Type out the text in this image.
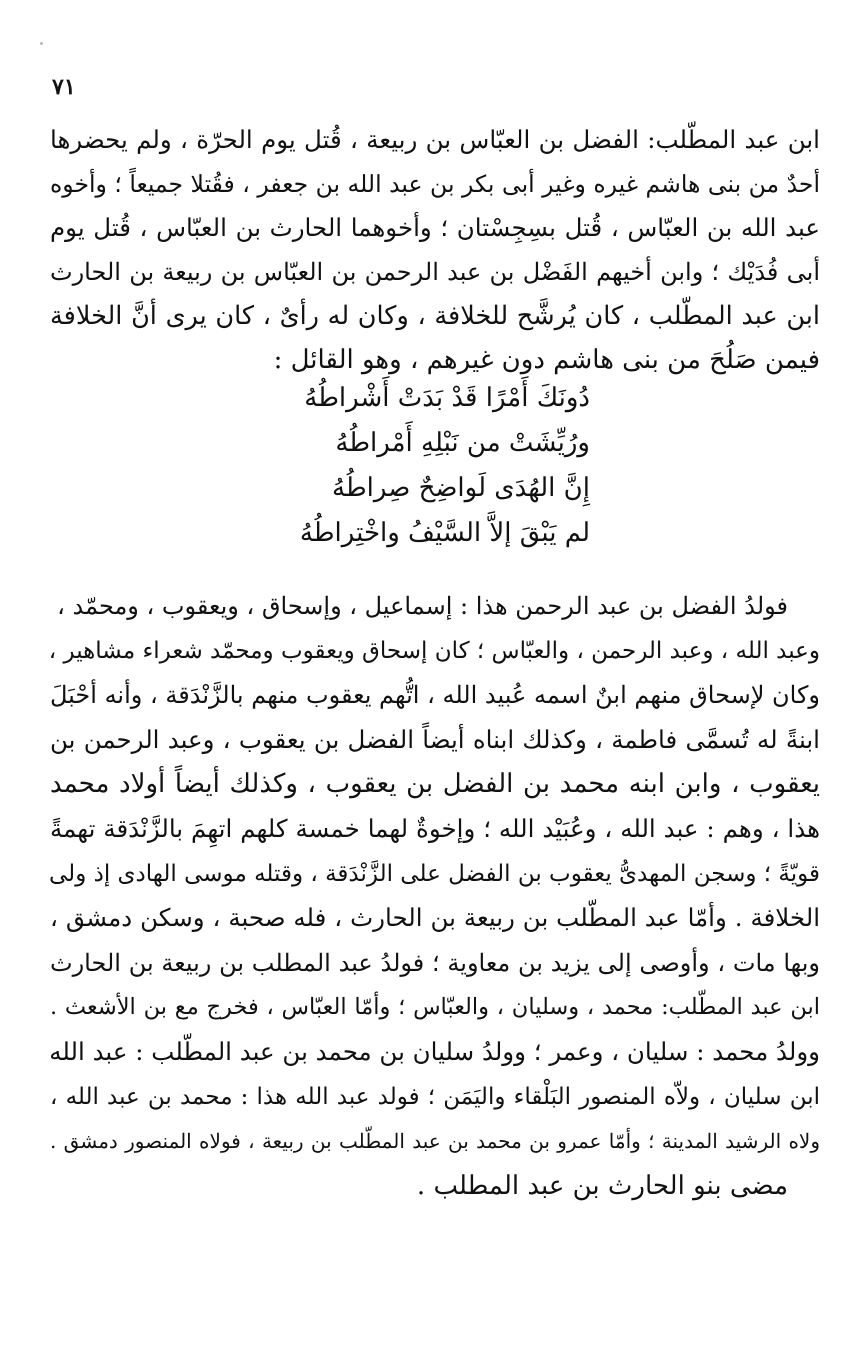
٧١
ابن عبد المطّلب: الفضل بن العبّاس بن ربيعة ، قُتل يوم الحرّة ، ولم يحضرها
أحدٌ من بنى هاشم غيره وغير أبى بكر بن عبد الله بن جعفر ، فقُتلا جميعاً ؛ وأخوه
عبد الله بن العبّاس ، قُتل بسِجِسْتان ؛ وأخوهما الحارث بن العبّاس ، قُتل يوم
أبى فُدَيْك ؛ وابن أخيهم الفَضْل بن عبد الرحمن بن العبّاس بن ربيعة بن الحارث
ابن عبد المطّلب ، كان يُرشَّح للخلافة ، وكان له رأىٌ ، كان يرى أنَّ الخلافة
فيمن صَلُحَ من بنى هاشم دون غيرهم ، وهو القائل :
دُونَكَ أَمْرًا قَدْ بَدَتْ أَشْراطُهُ
ورُيِّشَتْ من نَبْلِهِ أَمْراطُهُ
إِنَّ الهُدَى لَواضِحٌ صِراطُهُ
لم يَبْقَ إلاَّ السَّيْفُ واخْتِراطُهُ
فولدُ الفضل بن عبد الرحمن هذا : إسماعيل ، وإسحاق ، ويعقوب ، ومحمّد ،
وعبد الله ، وعبد الرحمن ، والعبّاس ؛ كان إسحاق ويعقوب ومحمّد شعراء مشاهير ،
وكان لإسحاق منهم ابنٌ اسمه عُبيد الله ، اتُّهم يعقوب منهم بالزَّنْدَقة ، وأنه أحْبَلَ
ابنةً له تُسمَّى فاطمة ، وكذلك ابناه أيضاً الفضل بن يعقوب ، وعبد الرحمن بن
يعقوب ، وابن ابنه محمد بن الفضل بن يعقوب ، وكذلك أيضاً أولاد محمد
هذا ، وهم : عبد الله ، وعُبَيْد الله ؛ وإخوةٌ لهما خمسة كلهم اتهِمَ بالزَّنْدَقة تهمةً
قويّةً ؛ وسجن المهدىُّ يعقوب بن الفضل على الزَّنْدَقة ، وقتله موسى الهادى إذ ولى
الخلافة . وأمّا عبد المطّلب بن ربيعة بن الحارث ، فله صحبة ، وسكن دمشق ،
وبها مات ، وأوصى إلى يزيد بن معاوية ؛ فولدُ عبد المطلب بن ربيعة بن الحارث
ابن عبد المطّلب: محمد ، وسليان ، والعبّاس ؛ وأمّا العبّاس ، فخرج مع بن الأشعث .
وولدُ محمد : سليان ، وعمر ؛ وولدُ سليان بن محمد بن عبد المطّلب : عبد الله
ابن سليان ، ولاّه المنصور البَلْقاء واليَمَن ؛ فولد عبد الله هذا : محمد بن عبد الله ،
ولاه الرشيد المدينة ؛ وأمّا عمرو بن محمد بن عبد المطّلب بن ربيعة ، فولاه المنصور دمشق .
مضى بنو الحارث بن عبد المطلب .
